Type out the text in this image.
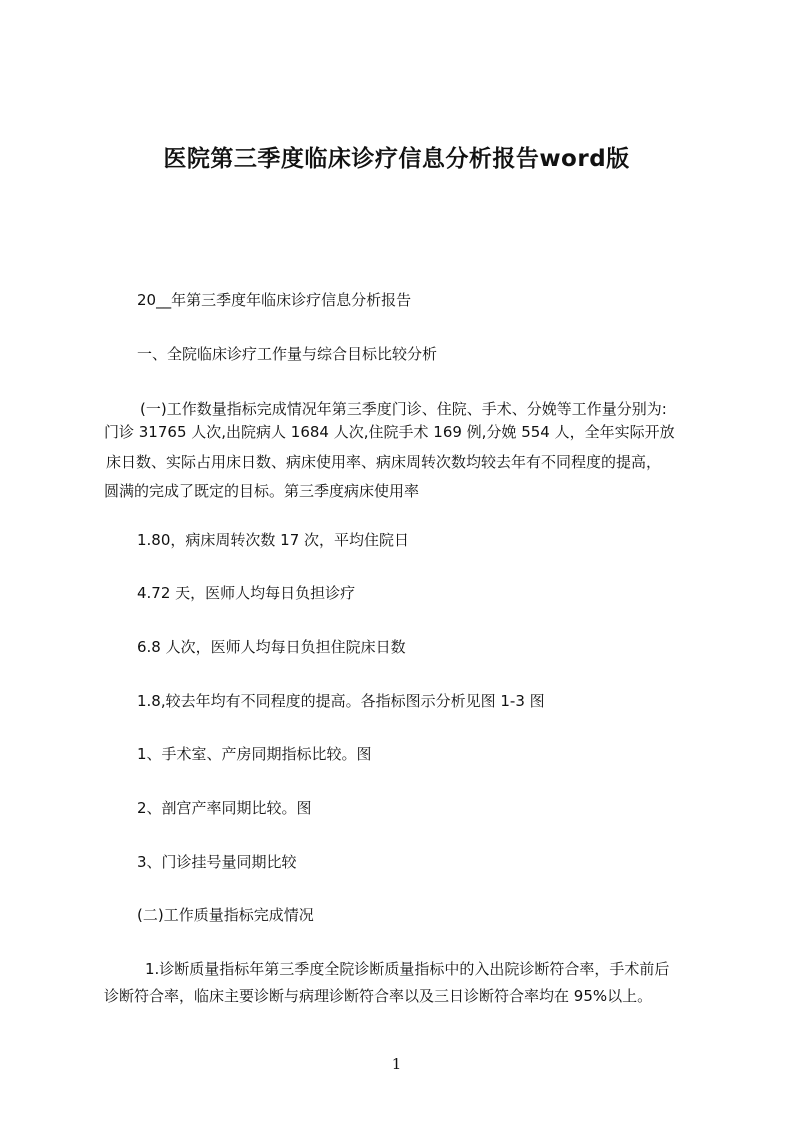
医院第三季度临床诊疗信息分析报告word版
20__年第三季度年临床诊疗信息分析报告
一、全院临床诊疗工作量与综合目标比较分析
(一)工作数量指标完成情况年第三季度门诊、住院、手术、分娩等工作量分别为:
门诊 31765 人次,出院病人 1684 人次,住院手术 169 例,分娩 554 人，全年实际开放
床日数、实际占用床日数、病床使用率、病床周转次数均较去年有不同程度的提高，
圆满的完成了既定的目标。第三季度病床使用率
1.80，病床周转次数 17 次，平均住院日
4.72 天，医师人均每日负担诊疗
6.8 人次，医师人均每日负担住院床日数
1.8,较去年均有不同程度的提高。各指标图示分析见图 1-3 图
1、手术室、产房同期指标比较。图
2、剖宫产率同期比较。图
3、门诊挂号量同期比较
(二)工作质量指标完成情况
1.诊断质量指标年第三季度全院诊断质量指标中的入出院诊断符合率，手术前后
诊断符合率，临床主要诊断与病理诊断符合率以及三日诊断符合率均在 95%以上。
1
